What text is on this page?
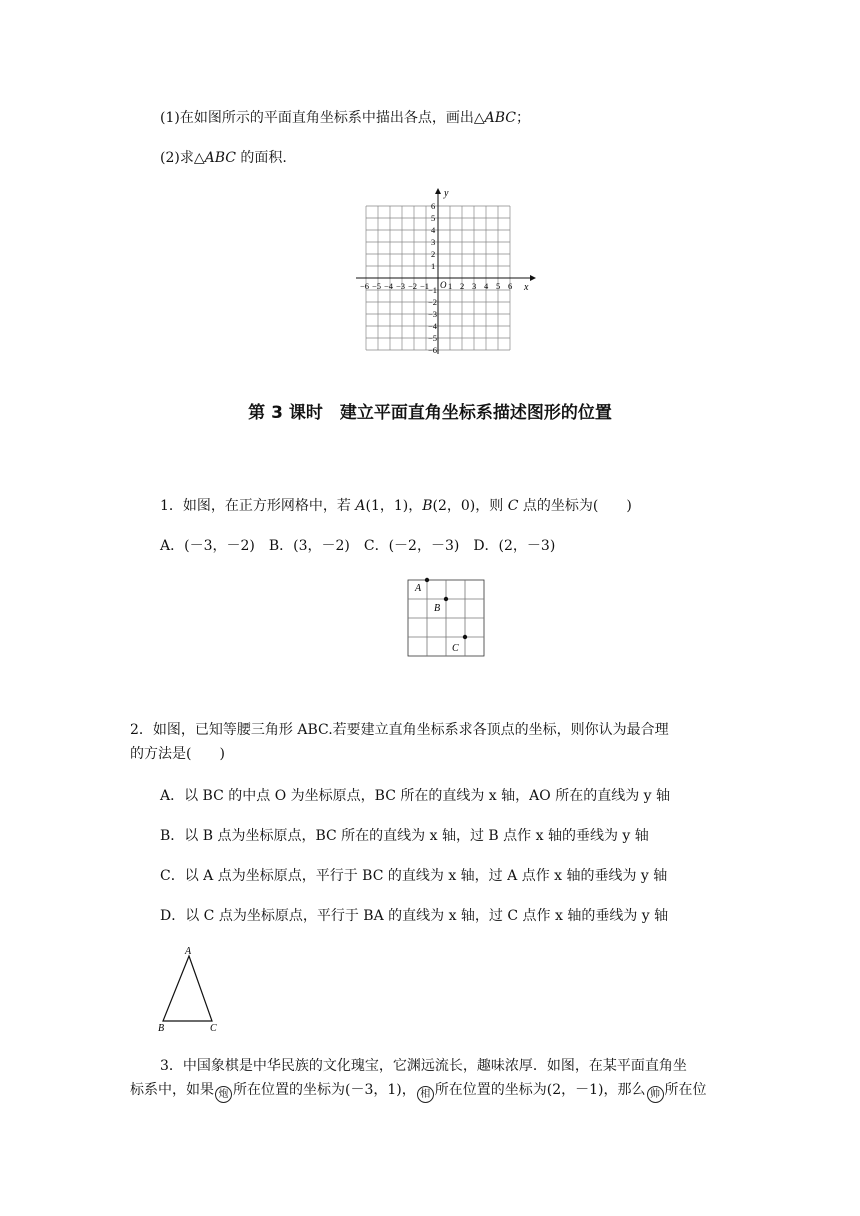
(1)在如图所示的平面直角坐标系中描出各点，画出△ABC；
(2)求△ABC 的面积.
x
y
O
−6 −5 −4 −3 −2 −1 1 2 3 4 5 6
6
5
4
3
2
1
−1
−2
−3
−4
−5
−6
第 3 课时　建立平面直角坐标系描述图形的位置
1．如图，在正方形网格中，若 A(1，1)，B(2，0)，则 C 点的坐标为(　　)
A．(－3，－2)　B．(3，－2)　C．(－2，－3)　D．(2，－3)
A
B
C
2．如图，已知等腰三角形 ABC.若要建立直角坐标系求各顶点的坐标，则你认为最合理
的方法是(　　)
A．以 BC 的中点 O 为坐标原点，BC 所在的直线为 x 轴，AO 所在的直线为 y 轴
B．以 B 点为坐标原点，BC 所在的直线为 x 轴，过 B 点作 x 轴的垂线为 y 轴
C．以 A 点为坐标原点，平行于 BC 的直线为 x 轴，过 A 点作 x 轴的垂线为 y 轴
D．以 C 点为坐标原点，平行于 BA 的直线为 x 轴，过 C 点作 x 轴的垂线为 y 轴
A
B	C
3．中国象棋是中华民族的文化瑰宝，它渊远流长，趣味浓厚．如图，在某平面直角坐
标系中，如果 炮 所在位置的坐标为(－3，1)， 相 所在位置的坐标为(2，－1)，那么 帅 所在位
